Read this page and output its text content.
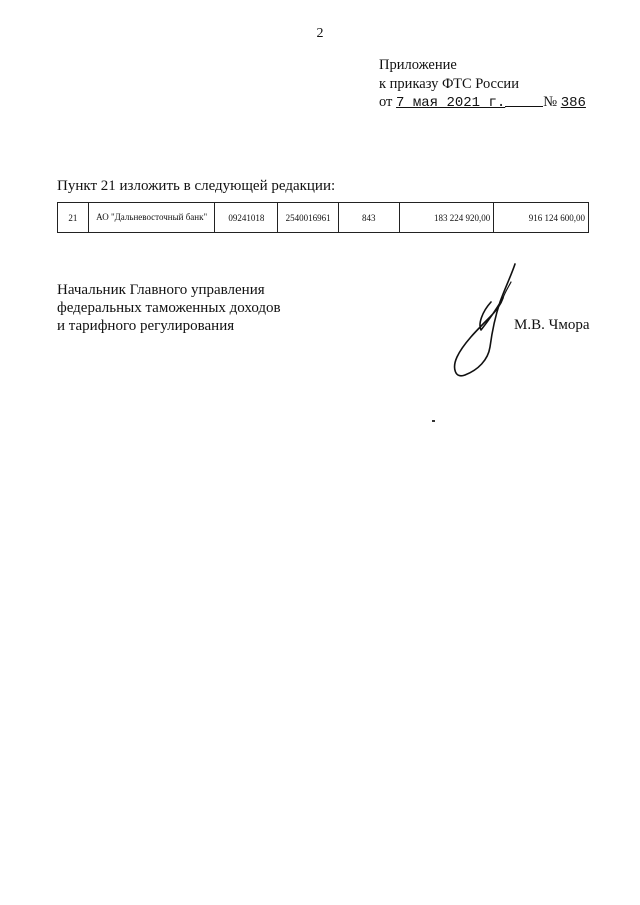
2
Приложение
к приказу ФТС России
от 7 мая 2021 г.	№ 386
Пункт 21 изложить в следующей редакции:
21	АО "Дальневосточный банк"	09241018	2540016961	843	183 224 920,00	916 124 600,00
Начальник Главного управления
федеральных таможенных доходов
и тарифного регулирования	М.В. Чмора
